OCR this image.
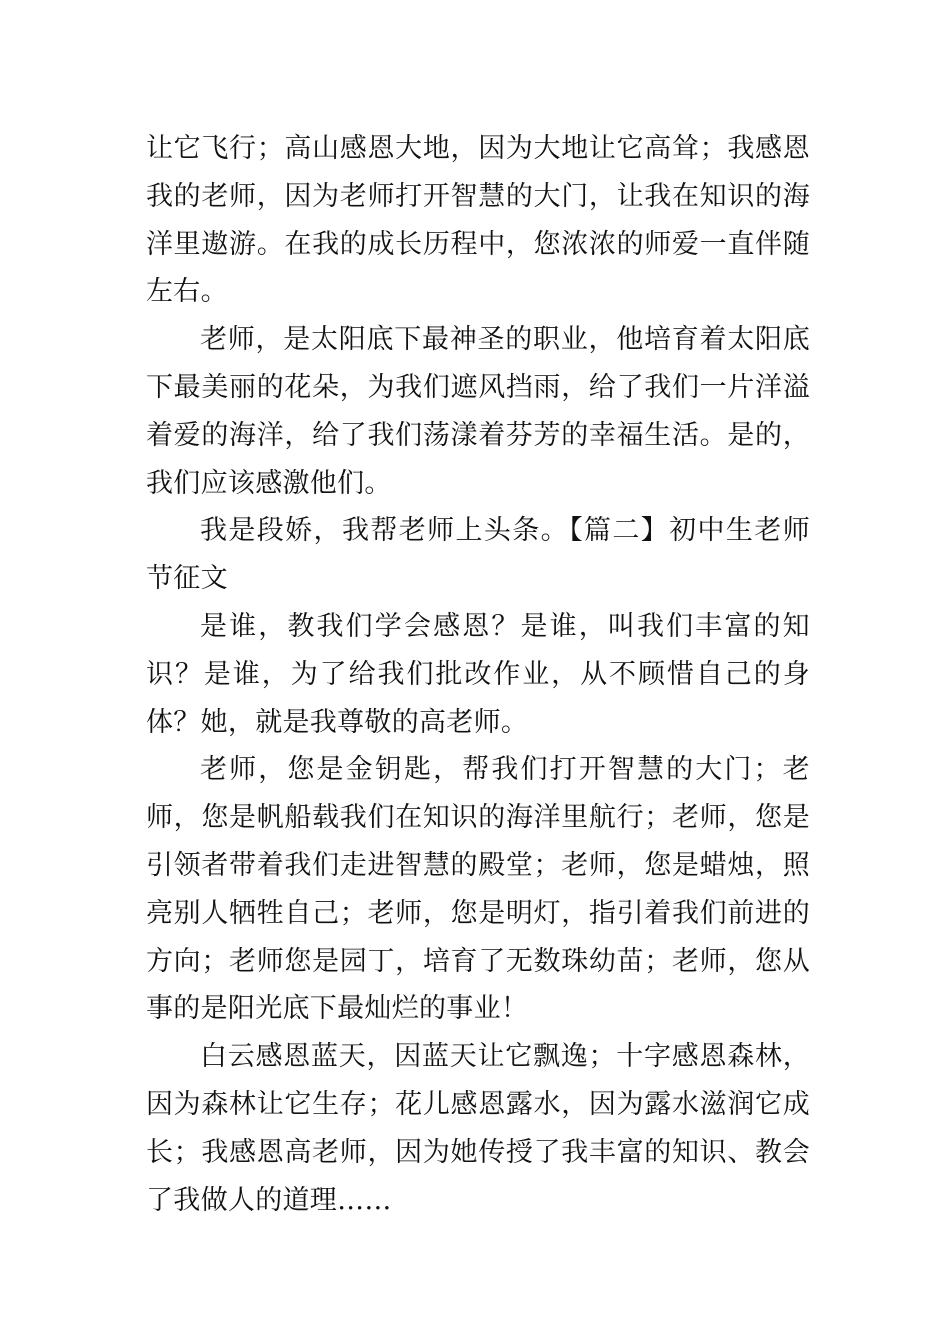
让它飞行；高山感恩大地，因为大地让它高耸；我感恩我的老师，因为老师打开智慧的大门，让我在知识的海洋里遨游。在我的成长历程中，您浓浓的师爱一直伴随左右。

老师，是太阳底下最神圣的职业，他培育着太阳底下最美丽的花朵，为我们遮风挡雨，给了我们一片洋溢着爱的海洋，给了我们荡漾着芬芳的幸福生活。是的，我们应该感激他们。

我是段娇，我帮老师上头条。【篇二】初中生老师节征文

是谁，教我们学会感恩？是谁，叫我们丰富的知识？是谁，为了给我们批改作业，从不顾惜自己的身体？她，就是我尊敬的高老师。

老师，您是金钥匙，帮我们打开智慧的大门；老师，您是帆船载我们在知识的海洋里航行；老师，您是引领者带着我们走进智慧的殿堂；老师，您是蜡烛，照亮别人牺牲自己；老师，您是明灯，指引着我们前进的方向；老师您是园丁，培育了无数珠幼苗；老师，您从事的是阳光底下最灿烂的事业！

白云感恩蓝天，因蓝天让它飘逸；十字感恩森林，因为森林让它生存；花儿感恩露水，因为露水滋润它成长；我感恩高老师，因为她传授了我丰富的知识、教会了我做人的道理……
